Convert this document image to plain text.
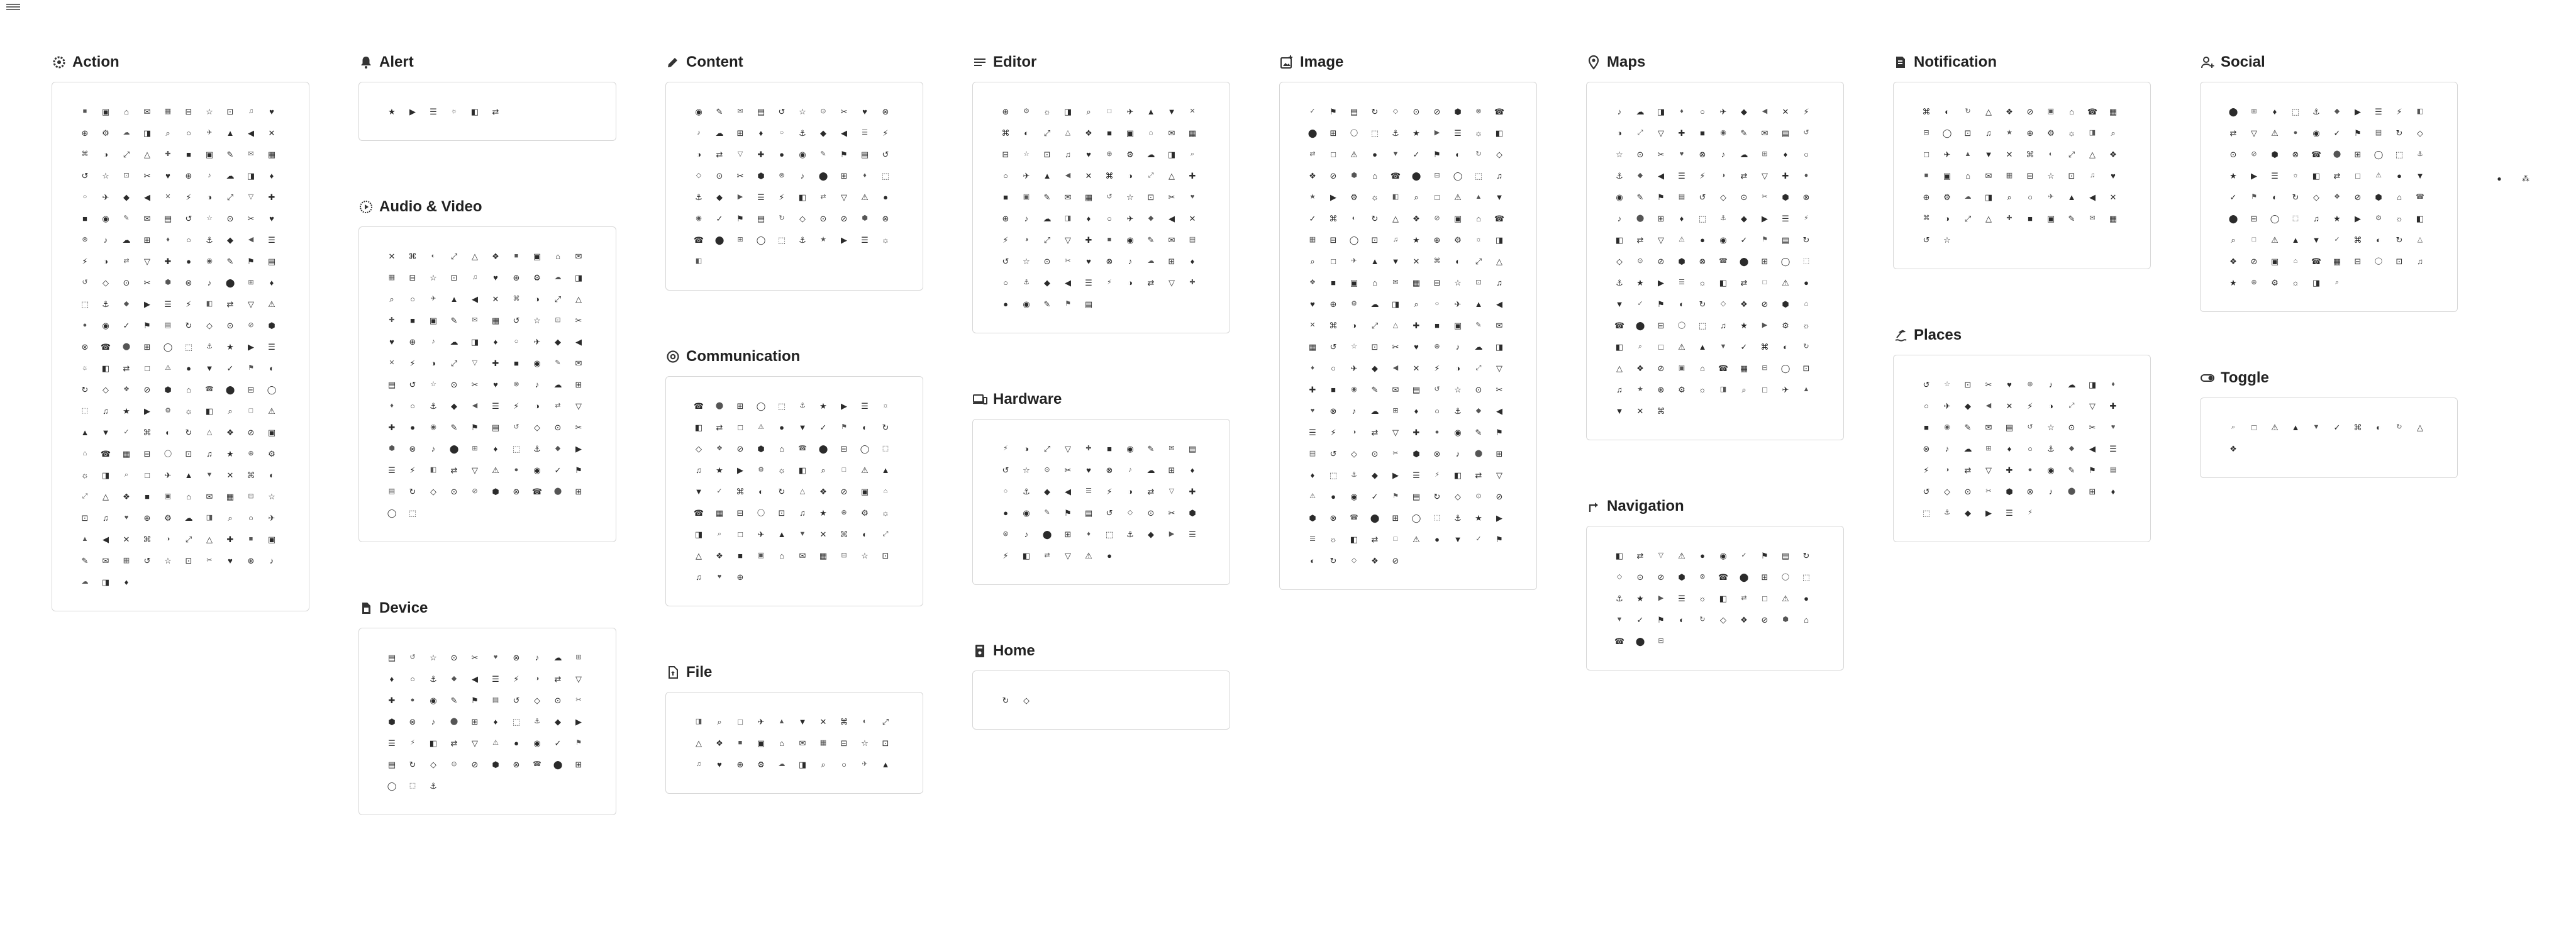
Action
■	▣	⌂	✉	▦	⊟	☆	⊡	♫	♥
⊕	⚙	☁	◨	⌕	○	✈	▲	◀	✕
⌘	◑	⤢	△	✚	■	▣	✎	✉	▦
↺	☆	⊡	✂	♥	⊕	♪	☁	◨	♦
○	✈	◆	◀	✕	⚡	◑	⤢	▽	✚
■	◉	✎	✉	▤	↺	☆	⊙	✂	♥
⊗	♪	☁	⊞	♦	○	⚓	◆	◀	☰
⚡	◑	⇄	▽	✚	●	◉	✎	⚑	▤
↺	◇	⊙	✂	⬢	⊗	♪	⬤	⊞	♦
⬚	⚓	◆	▶	☰	⚡	◧	⇄	▽	⚠
●	◉	✓	⚑	▤	↻	◇	⊙	⊘	⬢
⊗	☎	⬤	⊞	◯	⬚	⚓	★	▶	☰
☼	◧	⇄	□	⚠	●	▼	✓	⚑	◐
↻	◇	❖	⊘	⬢	⌂	☎	⬤	⊟	◯
⬚	♫	★	▶	⚙	☼	◧	⌕	□	⚠
▲	▼	✓	⌘	◐	↻	△	❖	⊘	▣
⌂	☎	▦	⊟	◯	⊡	♫	★	⊕	⚙
☼	◨	⌕	□	✈	▲	▼	✕	⌘	◐
⤢	△	❖	■	▣	⌂	✉	▦	⊟	☆
⊡	♫	♥	⊕	⚙	☁	◨	⌕	○	✈
▲	◀	✕	⌘	◑	⤢	△	✚	■	▣
✎	✉	▦	↺	☆	⊡	✂	♥	⊕	♪
☁	◨	♦
Alert
★	▶	☰	☼	◧	⇄
Audio & Video
✕	⌘	◐	⤢	△	❖	■	▣	⌂	✉
▦	⊟	☆	⊡	♫	♥	⊕	⚙	☁	◨
⌕	○	✈	▲	◀	✕	⌘	◑	⤢	△
✚	■	▣	✎	✉	▦	↺	☆	⊡	✂
♥	⊕	♪	☁	◨	♦	○	✈	◆	◀
✕	⚡	◑	⤢	▽	✚	■	◉	✎	✉
▤	↺	☆	⊙	✂	♥	⊗	♪	☁	⊞
♦	○	⚓	◆	◀	☰	⚡	◑	⇄	▽
✚	●	◉	✎	⚑	▤	↺	◇	⊙	✂
⬢	⊗	♪	⬤	⊞	♦	⬚	⚓	◆	▶
☰	⚡	◧	⇄	▽	⚠	●	◉	✓	⚑
▤	↻	◇	⊙	⊘	⬢	⊗	☎	⬤	⊞
◯	⬚
Device
▤	↺	☆	⊙	✂	♥	⊗	♪	☁	⊞
♦	○	⚓	◆	◀	☰	⚡	◑	⇄	▽
✚	●	◉	✎	⚑	▤	↺	◇	⊙	✂
⬢	⊗	♪	⬤	⊞	♦	⬚	⚓	◆	▶
☰	⚡	◧	⇄	▽	⚠	●	◉	✓	⚑
▤	↻	◇	⊙	⊘	⬢	⊗	☎	⬤	⊞
◯	⬚	⚓
Content
◉	✎	✉	▤	↺	☆	⊙	✂	♥	⊗
♪	☁	⊞	♦	○	⚓	◆	◀	☰	⚡
◑	⇄	▽	✚	●	◉	✎	⚑	▤	↺
◇	⊙	✂	⬢	⊗	♪	⬤	⊞	♦	⬚
⚓	◆	▶	☰	⚡	◧	⇄	▽	⚠	●
◉	✓	⚑	▤	↻	◇	⊙	⊘	⬢	⊗
☎	⬤	⊞	◯	⬚	⚓	★	▶	☰	☼
◧
Communication
☎	⬤	⊞	◯	⬚	⚓	★	▶	☰	☼
◧	⇄	□	⚠	●	▼	✓	⚑	◐	↻
◇	❖	⊘	⬢	⌂	☎	⬤	⊟	◯	⬚
♫	★	▶	⚙	☼	◧	⌕	□	⚠	▲
▼	✓	⌘	◐	↻	△	❖	⊘	▣	⌂
☎	▦	⊟	◯	⊡	♫	★	⊕	⚙	☼
◨	⌕	□	✈	▲	▼	✕	⌘	◐	⤢
△	❖	■	▣	⌂	✉	▦	⊟	☆	⊡
♫	♥	⊕
File
◨	⌕	□	✈	▲	▼	✕	⌘	◐	⤢
△	❖	■	▣	⌂	✉	▦	⊟	☆	⊡
♫	♥	⊕	⚙	☁	◨	⌕	○	✈	▲
Editor
⊕	⚙	☼	◨	⌕	□	✈	▲	▼	✕
⌘	◐	⤢	△	❖	■	▣	⌂	✉	▦
⊟	☆	⊡	♫	♥	⊕	⚙	☁	◨	⌕
○	✈	▲	◀	✕	⌘	◑	⤢	△	✚
■	▣	✎	✉	▦	↺	☆	⊡	✂	♥
⊕	♪	☁	◨	♦	○	✈	◆	◀	✕
⚡	◑	⤢	▽	✚	■	◉	✎	✉	▤
↺	☆	⊙	✂	♥	⊗	♪	☁	⊞	♦
○	⚓	◆	◀	☰	⚡	◑	⇄	▽	✚
●	◉	✎	⚑	▤
Hardware
⚡	◑	⤢	▽	✚	■	◉	✎	✉	▤
↺	☆	⊙	✂	♥	⊗	♪	☁	⊞	♦
○	⚓	◆	◀	☰	⚡	◑	⇄	▽	✚
●	◉	✎	⚑	▤	↺	◇	⊙	✂	⬢
⊗	♪	⬤	⊞	♦	⬚	⚓	◆	▶	☰
⚡	◧	⇄	▽	⚠	●
Home
↻	◇
Image
✓	⚑	▤	↻	◇	⊙	⊘	⬢	⊗	☎
⬤	⊞	◯	⬚	⚓	★	▶	☰	☼	◧
⇄	□	⚠	●	▼	✓	⚑	◐	↻	◇
❖	⊘	⬢	⌂	☎	⬤	⊟	◯	⬚	♫
★	▶	⚙	☼	◧	⌕	□	⚠	▲	▼
✓	⌘	◐	↻	△	❖	⊘	▣	⌂	☎
▦	⊟	◯	⊡	♫	★	⊕	⚙	☼	◨
⌕	□	✈	▲	▼	✕	⌘	◐	⤢	△
❖	■	▣	⌂	✉	▦	⊟	☆	⊡	♫
♥	⊕	⚙	☁	◨	⌕	○	✈	▲	◀
✕	⌘	◑	⤢	△	✚	■	▣	✎	✉
▦	↺	☆	⊡	✂	♥	⊕	♪	☁	◨
♦	○	✈	◆	◀	✕	⚡	◑	⤢	▽
✚	■	◉	✎	✉	▤	↺	☆	⊙	✂
♥	⊗	♪	☁	⊞	♦	○	⚓	◆	◀
☰	⚡	◑	⇄	▽	✚	●	◉	✎	⚑
▤	↺	◇	⊙	✂	⬢	⊗	♪	⬤	⊞
♦	⬚	⚓	◆	▶	☰	⚡	◧	⇄	▽
⚠	●	◉	✓	⚑	▤	↻	◇	⊙	⊘
⬢	⊗	☎	⬤	⊞	◯	⬚	⚓	★	▶
☰	☼	◧	⇄	□	⚠	●	▼	✓	⚑
◐	↻	◇	❖	⊘
Maps
♪	☁	◨	♦	○	✈	◆	◀	✕	⚡
◑	⤢	▽	✚	■	◉	✎	✉	▤	↺
☆	⊙	✂	♥	⊗	♪	☁	⊞	♦	○
⚓	◆	◀	☰	⚡	◑	⇄	▽	✚	●
◉	✎	⚑	▤	↺	◇	⊙	✂	⬢	⊗
♪	⬤	⊞	♦	⬚	⚓	◆	▶	☰	⚡
◧	⇄	▽	⚠	●	◉	✓	⚑	▤	↻
◇	⊙	⊘	⬢	⊗	☎	⬤	⊞	◯	⬚
⚓	★	▶	☰	☼	◧	⇄	□	⚠	●
▼	✓	⚑	◐	↻	◇	❖	⊘	⬢	⌂
☎	⬤	⊟	◯	⬚	♫	★	▶	⚙	☼
◧	⌕	□	⚠	▲	▼	✓	⌘	◐	↻
△	❖	⊘	▣	⌂	☎	▦	⊟	◯	⊡
♫	★	⊕	⚙	☼	◨	⌕	□	✈	▲
▼	✕	⌘
Navigation
◧	⇄	▽	⚠	●	◉	✓	⚑	▤	↻
◇	⊙	⊘	⬢	⊗	☎	⬤	⊞	◯	⬚
⚓	★	▶	☰	☼	◧	⇄	□	⚠	●
▼	✓	⚑	◐	↻	◇	❖	⊘	⬢	⌂
☎	⬤	⊟
Notification
⌘	◐	↻	△	❖	⊘	▣	⌂	☎	▦
⊟	◯	⊡	♫	★	⊕	⚙	☼	◨	⌕
□	✈	▲	▼	✕	⌘	◐	⤢	△	❖
■	▣	⌂	✉	▦	⊟	☆	⊡	♫	♥
⊕	⚙	☁	◨	⌕	○	✈	▲	◀	✕
⌘	◑	⤢	△	✚	■	▣	✎	✉	▦
↺	☆
Places
↺	☆	⊡	✂	♥	⊕	♪	☁	◨	♦
○	✈	◆	◀	✕	⚡	◑	⤢	▽	✚
■	◉	✎	✉	▤	↺	☆	⊙	✂	♥
⊗	♪	☁	⊞	♦	○	⚓	◆	◀	☰
⚡	◑	⇄	▽	✚	●	◉	✎	⚑	▤
↺	◇	⊙	✂	⬢	⊗	♪	⬤	⊞	♦
⬚	⚓	◆	▶	☰	⚡
Social
⬤	⊞	♦	⬚	⚓	◆	▶	☰	⚡	◧
⇄	▽	⚠	●	◉	✓	⚑	▤	↻	◇
⊙	⊘	⬢	⊗	☎	⬤	⊞	◯	⬚	⚓
★	▶	☰	☼	◧	⇄	□	⚠	●	▼
✓	⚑	◐	↻	◇	❖	⊘	⬢	⌂	☎
⬤	⊟	◯	⬚	♫	★	▶	⚙	☼	◧
⌕	□	⚠	▲	▼	✓	⌘	◐	↻	△
❖	⊘	▣	⌂	☎	▦	⊟	◯	⊡	♫
★	⊕	⚙	☼	◨	⌕
Toggle
⌕	□	⚠	▲	▼	✓	⌘	◐	↻	△
❖
●	⁂
